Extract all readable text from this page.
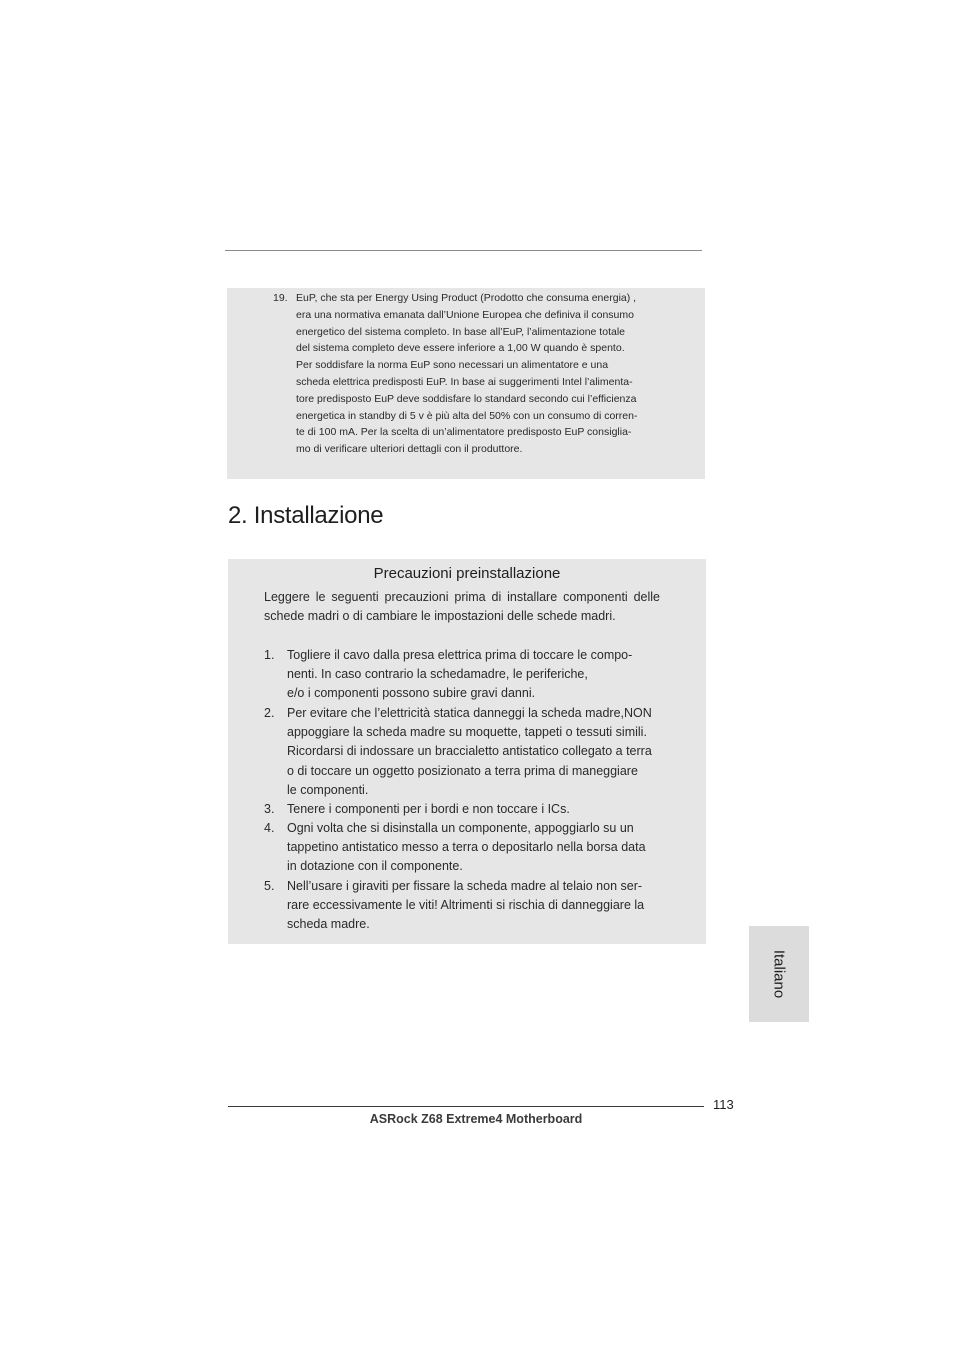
19. EuP, che sta per Energy Using Product (Prodotto che consuma energia) ,
era una normativa emanata dall’Unione Europea che definiva il consumo
energetico del sistema completo. In base all’EuP, l’alimentazione totale
del sistema completo deve essere inferiore a 1,00 W quando è spento.
Per soddisfare la norma EuP sono necessari un alimentatore e una
scheda elettrica predisposti EuP. In base ai suggerimenti Intel l’alimenta-
tore predisposto EuP deve soddisfare lo standard secondo cui l’efficienza
energetica in standby di 5 v è più alta del 50% con un consumo di corren-
te di 100 mA. Per la scelta di un’alimentatore predisposto EuP consiglia-
mo di verificare ulteriori dettagli con il produttore.
2. Installazione
Precauzioni preinstallazione
Leggere le seguenti precauzioni prima di installare componenti delle
schede madri o di cambiare le impostazioni delle schede madri.
1. Togliere il cavo dalla presa elettrica prima di toccare le compo-
nenti. In caso contrario la schedamadre, le periferiche,
e/o i componenti possono subire gravi danni.
2. Per evitare che l’elettricità statica danneggi la scheda madre,NON
appoggiare la scheda madre su moquette, tappeti o tessuti simili.
Ricordarsi di indossare un braccialetto antistatico collegato a terra
o di toccare un oggetto posizionato a terra prima di maneggiare
le componenti.
3. Tenere i componenti per i bordi e non toccare i ICs.
4. Ogni volta che si disinstalla un componente, appoggiarlo su un
tappetino antistatico messo a terra o depositarlo nella borsa data
in dotazione con il componente.
5. Nell’usare i giraviti per fissare la scheda madre al telaio non ser-
rare eccessivamente le viti! Altrimenti si rischia di danneggiare la
scheda madre.
Italiano
113
ASRock Z68 Extreme4 Motherboard
